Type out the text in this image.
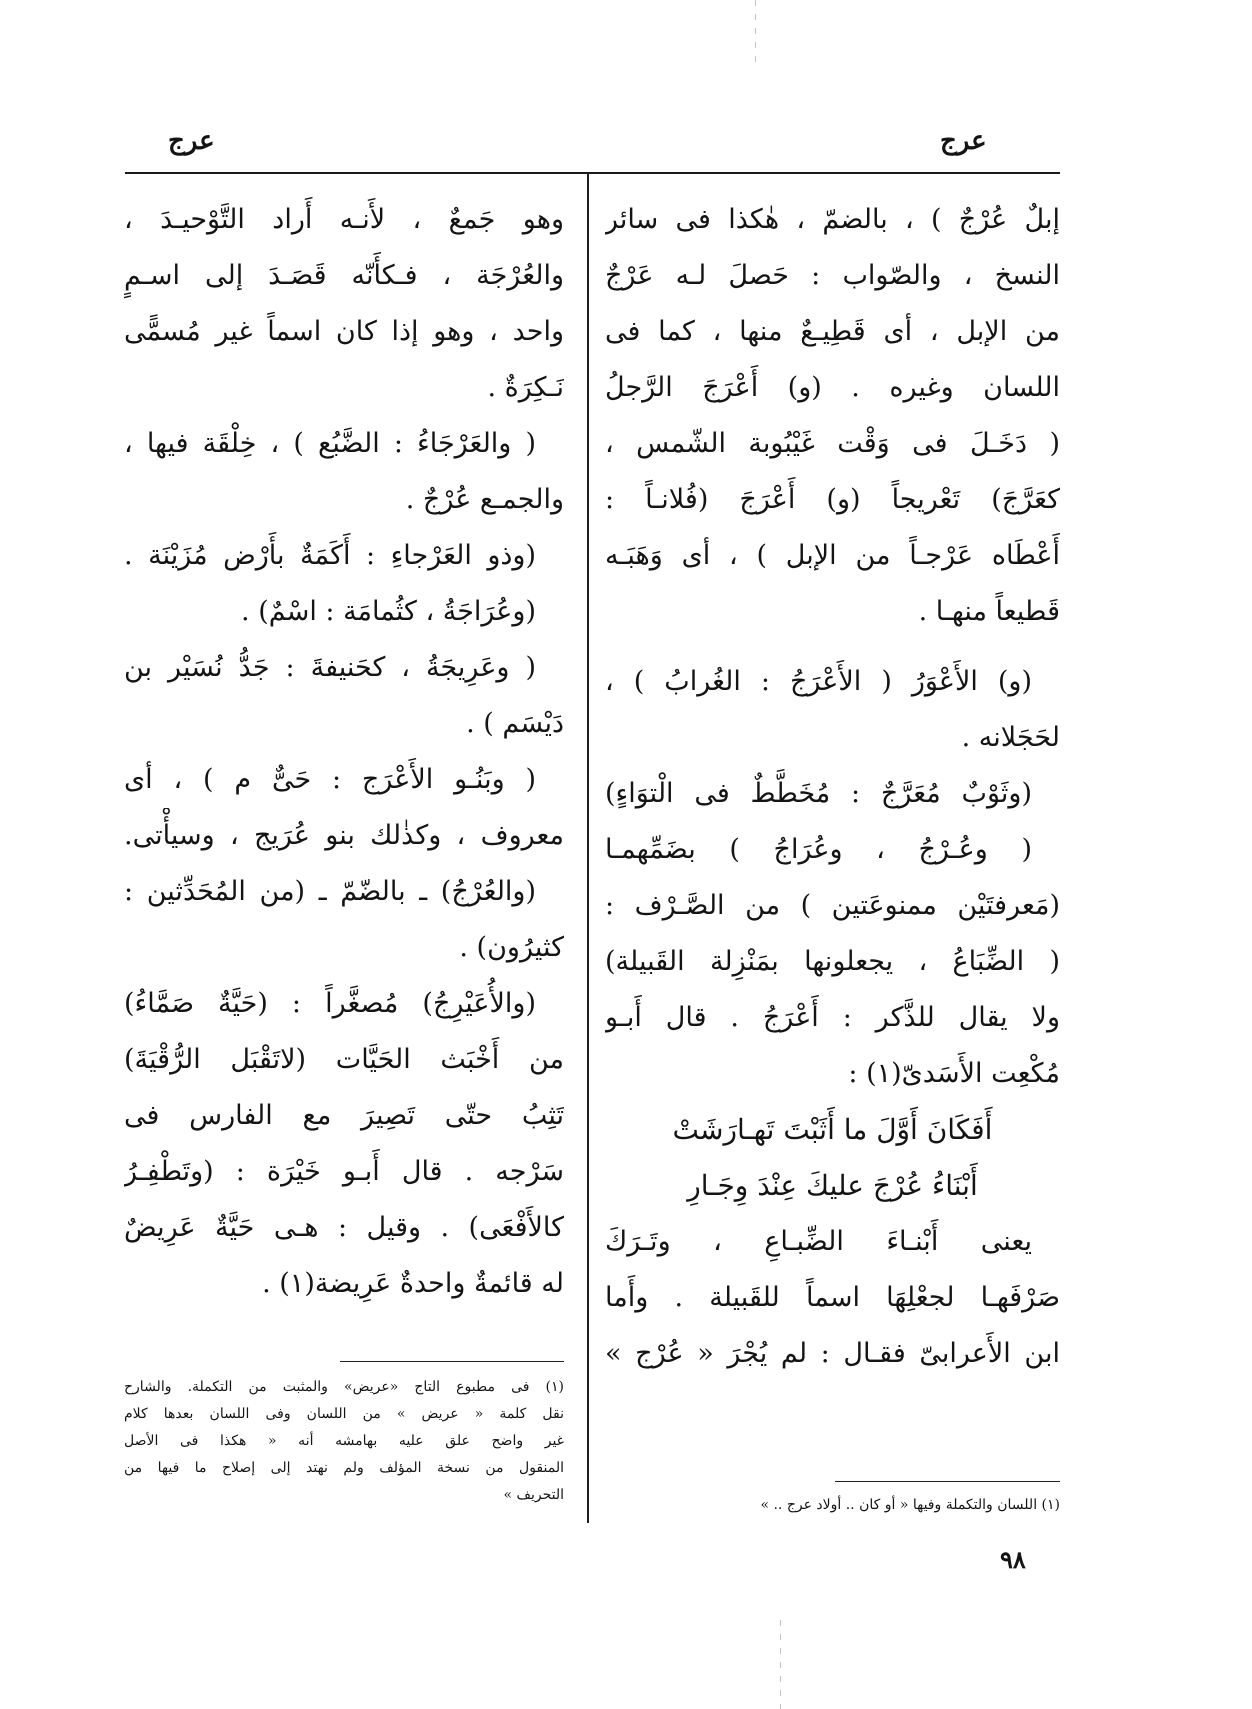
عرج
عرج
إبلٌ عُرْجٌ ) ، بالضمّ ، هٰكذا فى سائر
النسخ ، والصّواب : حَصلَ لـه عَرْجٌ
من الإبل ، أى قَطِيـعٌ منها ، كما فى
اللسان وغيره . (و) أَعْرَجَ الرَّجلُ
( دَخَـلَ فى وَقْت غَيْبُوبة الشّمس ،
كعَرَّجَ) تَعْريجاً (و) أَعْرَجَ (فُلانـاً :
أَعْطَاه عَرْجـاً من الإبل ) ، أى وَهَبَـه
قَطيعاً منهـا .
(و) الأَعْوَرُ ( الأَعْرَجُ : الغُرابُ ) ،
لحَجَلانه .
(وثَوْبٌ مُعَرَّجٌ : مُخَطَّطٌ فى الْتوَاءٍ)
( وعُـرْجُ ، وعُرَاجُ ) بضَمِّهمـا
(مَعرفتَيْن ممنوعَتين ) من الصَّـرْف :
( الضِّبَاعُ ، يجعلونها بمَنْزِلة القَبيلة)
ولا يقال للذَّكر : أَعْرَجُ . قال أَبـو
مُكْعِت الأَسَدىّ(١) :
أَفَكَانَ أَوَّلَ ما أَثَبْتَ تَهـارَشَتْ
أَبْنَاءُ عُرْجَ عليكَ عِنْدَ وِجَـارِ
يعنى أَبْنـاءَ الضِّبـاعِ ، وتَـرَكَ
صَرْفَهـا لجعْلِهَا اسماً للقَبيلة . وأَما
ابن الأَعرابىّ فقـال : لم يُجْرَ « عُرْج »
وهو جَمعٌ ، لأَنـه أَراد التَّوْحيـدَ ،
والعُرْجَة ، فـكأَنّه قَصَـدَ إلى اسـمٍ
واحد ، وهو إذا كان اسماً غير مُسمًّى
نَـكِرَةٌ .
( والعَرْجَاءُ : الضَّبُع ) ، خِلْقَة فيها ،
والجمـع عُرْجٌ .
(وذو العَرْجاءِ : أَكَمَةٌ بأَرْض مُزَيْنَة .
(وعُرَاجَةُ ، كثُمامَة : اسْمٌ) .
( وعَرِيجَةُ ، كحَنيفةَ : جَدُّ نُسَيْر بن
دَيْسَم ) .
( وبَنُـو الأَعْرَج : حَىٌّ م ) ، أى
معروف ، وكذٰلك بنو عُرَيج ، وسيأْتى.
(والعُرْجُ) ـ بالضّمّ ـ (من المُحَدِّثين :
كثيرُون) .
(والأُعَيْرِجُ) مُصغَّراً : (حَيَّةٌ صَمَّاءُ)
من أَخْبَث الحَيَّات (لاتَقْبَل الرُّقْيَةَ)
تَثِبُ حتّى تَصِيرَ مع الفارس فى
سَرْجه . قال أَبـو خَيْرَة : (وتَطْفِـرُ
كالأَفْعَى) . وقيل : هـى حَيَّةٌ عَرِيضٌ
له قائمةٌ واحدةٌ عَرِيضة(١) .
(١) فى مطبوع التاج «عريض» والمثبت من التكملة. والشارح
نقل كلمة « عريض » من اللسان وفى اللسان بعدها كلام
غير واضح علق عليه بهامشه أنه « هكذا فى الأصل
المنقول من نسخة المؤلف ولم نهتد إلى إصلاح ما فيها من
التحريف »
(١) اللسان والتكملة وفيها « أو كان .. أولاد عرج .. »
٩٨
